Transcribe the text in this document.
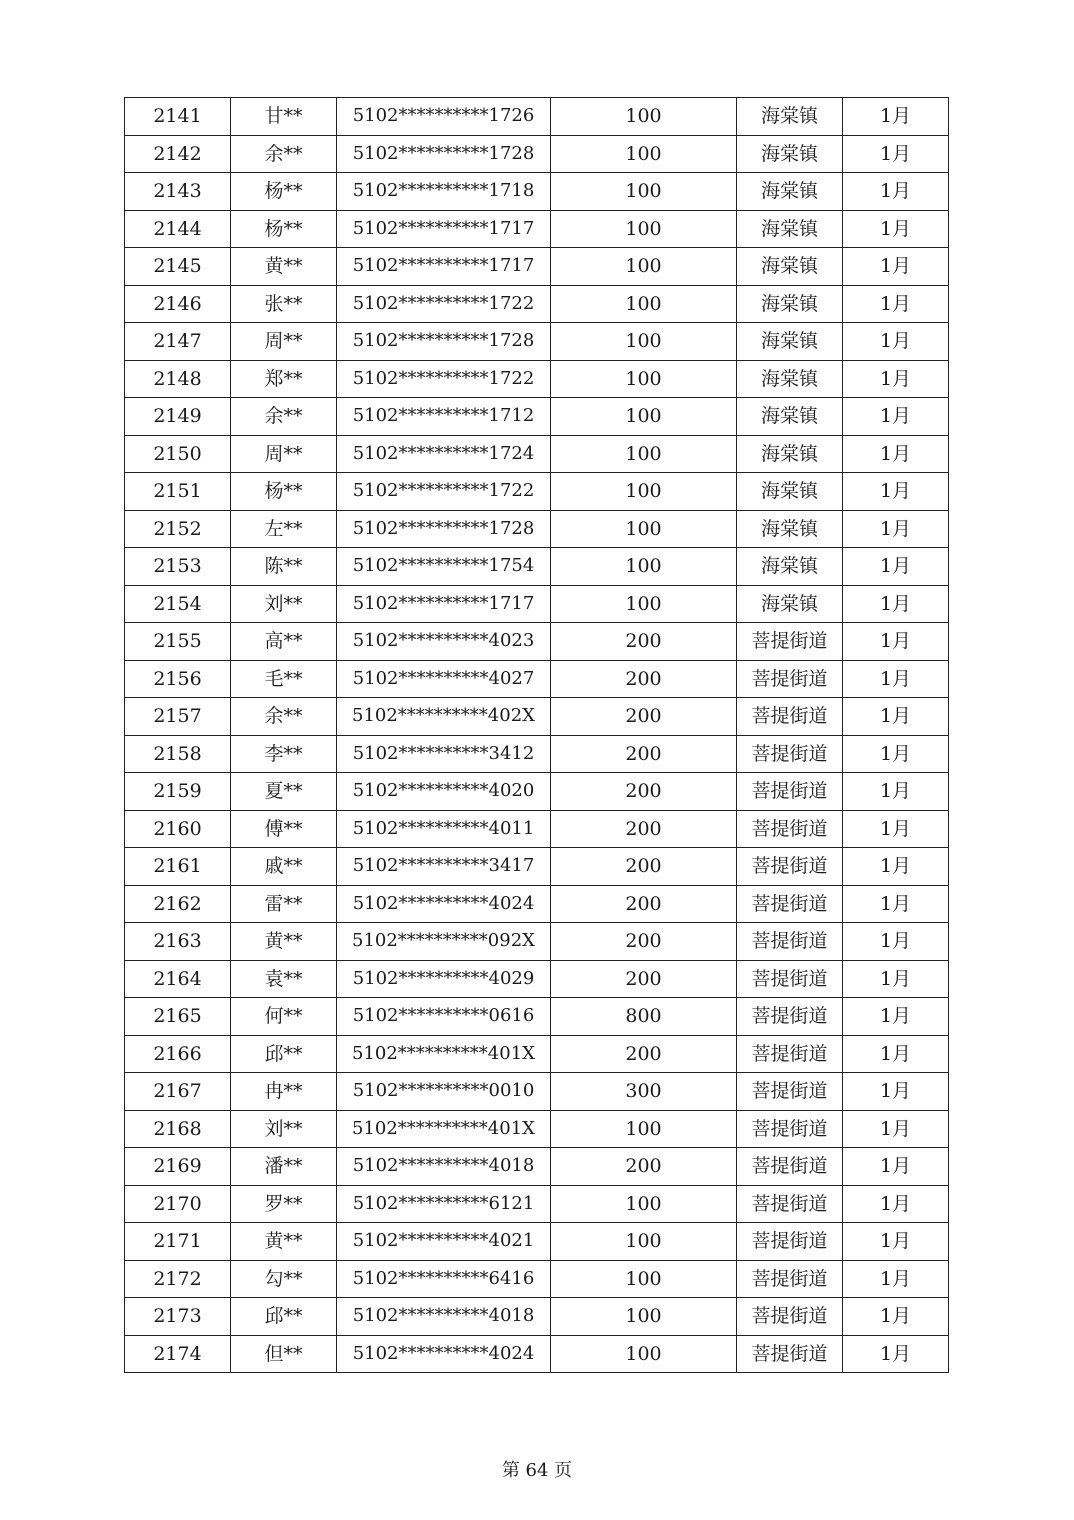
2141	甘**	5102**********1726	100	海棠镇	1月
2142	余**	5102**********1728	100	海棠镇	1月
2143	杨**	5102**********1718	100	海棠镇	1月
2144	杨**	5102**********1717	100	海棠镇	1月
2145	黄**	5102**********1717	100	海棠镇	1月
2146	张**	5102**********1722	100	海棠镇	1月
2147	周**	5102**********1728	100	海棠镇	1月
2148	郑**	5102**********1722	100	海棠镇	1月
2149	余**	5102**********1712	100	海棠镇	1月
2150	周**	5102**********1724	100	海棠镇	1月
2151	杨**	5102**********1722	100	海棠镇	1月
2152	左**	5102**********1728	100	海棠镇	1月
2153	陈**	5102**********1754	100	海棠镇	1月
2154	刘**	5102**********1717	100	海棠镇	1月
2155	高**	5102**********4023	200	菩提街道	1月
2156	毛**	5102**********4027	200	菩提街道	1月
2157	余**	5102**********402X	200	菩提街道	1月
2158	李**	5102**********3412	200	菩提街道	1月
2159	夏**	5102**********4020	200	菩提街道	1月
2160	傅**	5102**********4011	200	菩提街道	1月
2161	戚**	5102**********3417	200	菩提街道	1月
2162	雷**	5102**********4024	200	菩提街道	1月
2163	黄**	5102**********092X	200	菩提街道	1月
2164	袁**	5102**********4029	200	菩提街道	1月
2165	何**	5102**********0616	800	菩提街道	1月
2166	邱**	5102**********401X	200	菩提街道	1月
2167	冉**	5102**********0010	300	菩提街道	1月
2168	刘**	5102**********401X	100	菩提街道	1月
2169	潘**	5102**********4018	200	菩提街道	1月
2170	罗**	5102**********6121	100	菩提街道	1月
2171	黄**	5102**********4021	100	菩提街道	1月
2172	勾**	5102**********6416	100	菩提街道	1月
2173	邱**	5102**********4018	100	菩提街道	1月
2174	但**	5102**********4024	100	菩提街道	1月
第 64 页
